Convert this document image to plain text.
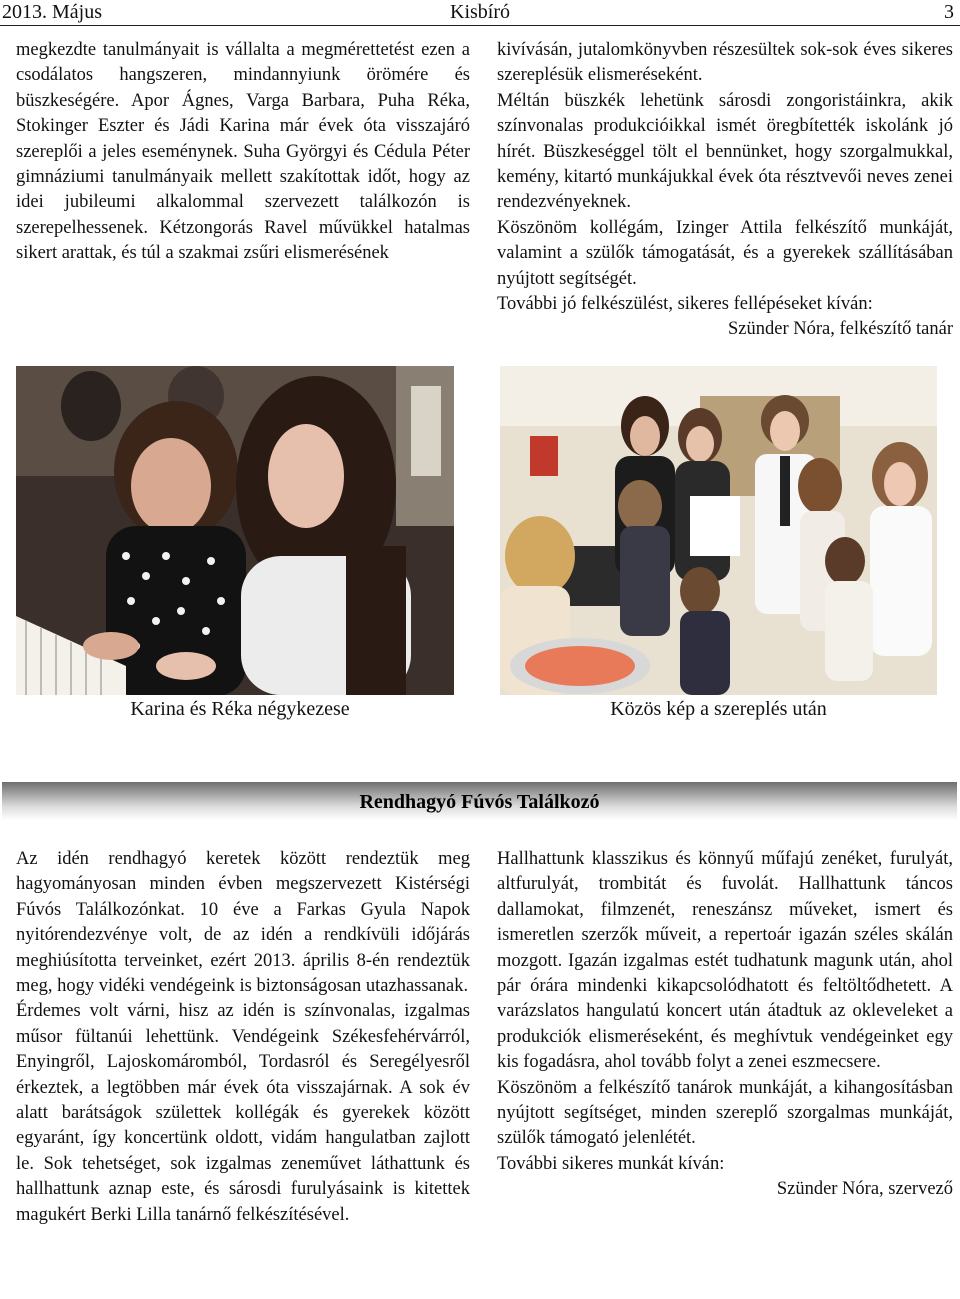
2013. Május	Kisbíró	3

megkezdte tanulmányait is vállalta a megmérettetést ezen a csodálatos hangszeren, mindannyiunk örömére és büszkeségére. Apor Ágnes, Varga Barbara, Puha Réka, Stokinger Eszter és Jádi Karina már évek óta visszajáró szereplői a jeles eseménynek. Suha Györgyi és Cédula Péter gimnáziumi tanulmányaik mellett szakítottak időt, hogy az idei jubileumi alkalommal szervezett találkozón is szerepelhessenek. Kétzongorás Ravel művükkel hatalmas sikert arattak, és túl a szakmai zsűri elismerésének

kivívásán, jutalomkönyvben részesültek sok-sok éves sikeres szereplésük elismeréseként.

Méltán büszkék lehetünk sárosdi zongoristáinkra, akik színvonalas produkcióikkal ismét öregbítették iskolánk jó hírét. Büszkeséggel tölt el bennünket, hogy szorgalmukkal, kemény, kitartó munkájukkal évek óta résztvevői neves zenei rendezvényeknek.

Köszönöm kollégám, Izinger Attila felkészítő munkáját, valamint a szülők támogatását, és a gyerekek szállításában nyújtott segítségét.

További jó felkészülést, sikeres fellépéseket kíván:

Szünder Nóra, felkészítő tanár

Karina és Réka négykezese	Közös kép a szereplés után
Rendhagyó Fúvós Találkozó

Az idén rendhagyó keretek között rendeztük meg hagyományosan minden évben megszervezett Kistérségi Fúvós Találkozónkat. 10 éve a Farkas Gyula Napok nyitórendezvénye volt, de az idén a rendkívüli időjárás meghiúsította terveinket, ezért 2013. április 8-én rendeztük meg, hogy vidéki vendégeink is biztonságosan utazhassanak.

Érdemes volt várni, hisz az idén is színvonalas, izgalmas műsor fültanúi lehettünk. Vendégeink Székesfehérvárról, Enyingről, Lajoskomáromból, Tordasról és Seregélyesről érkeztek, a legtöbben már évek óta visszajárnak. A sok év alatt barátságok születtek kollégák és gyerekek között egyaránt, így koncertünk oldott, vidám hangulatban zajlott le. Sok tehetséget, sok izgalmas zeneművet láthattunk és hallhattunk aznap este, és sárosdi furulyásaink is kitettek magukért Berki Lilla tanárnő felkészítésével.

Hallhattunk klasszikus és könnyű műfajú zenéket, furulyát, altfurulyát, trombitát és fuvolát. Hallhattunk táncos dallamokat, filmzenét, reneszánsz műveket, ismert és ismeretlen szerzők műveit, a repertoár igazán széles skálán mozgott. Igazán izgalmas estét tudhatunk magunk után, ahol pár órára mindenki kikapcsolódhatott és feltöltődhetett. A varázslatos hangulatú koncert után átadtuk az okleveleket a produkciók elismeréseként, és meghívtuk vendégeinket egy kis fogadásra, ahol tovább folyt a zenei eszmecsere.

Köszönöm a felkészítő tanárok munkáját, a kihangosításban nyújtott segítséget, minden szereplő szorgalmas munkáját, szülők támogató jelenlétét.

További sikeres munkát kíván:

Szünder Nóra, szervező
